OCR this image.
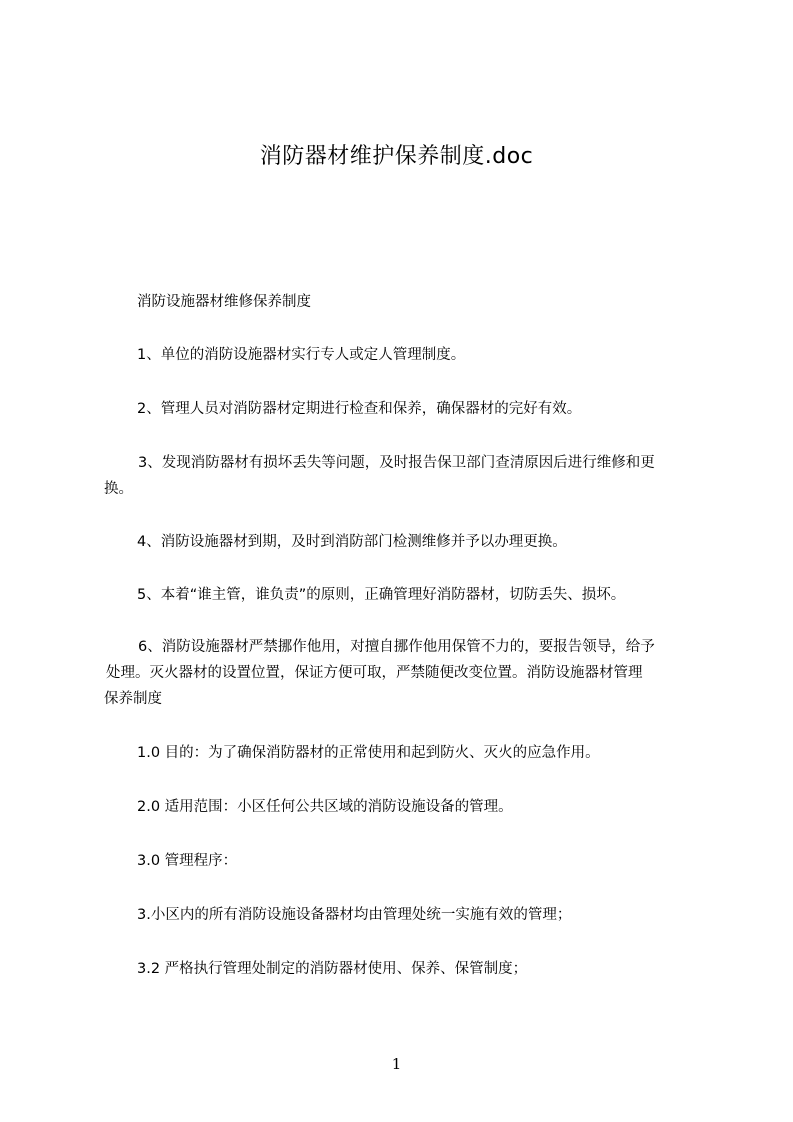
消防器材维护保养制度.doc
消防设施器材维修保养制度
1、单位的消防设施器材实行专人或定人管理制度。
2、管理人员对消防器材定期进行检查和保养，确保器材的完好有效。
3、发现消防器材有损坏丢失等问题，及时报告保卫部门查清原因后进行维修和更
换。
4、消防设施器材到期，及时到消防部门检测维修并予以办理更换。
5、本着“谁主管，谁负责”的原则，正确管理好消防器材，切防丢失、损坏。
6、消防设施器材严禁挪作他用，对擅自挪作他用保管不力的，要报告领导，给予
处理。灭火器材的设置位置，保证方便可取，严禁随便改变位置。消防设施器材管理
保养制度
1.0 目的：为了确保消防器材的正常使用和起到防火、灭火的应急作用。
2.0 适用范围：小区任何公共区域的消防设施设备的管理。
3.0 管理程序：
3.小区内的所有消防设施设备器材均由管理处统一实施有效的管理；
3.2 严格执行管理处制定的消防器材使用、保养、保管制度；
1
